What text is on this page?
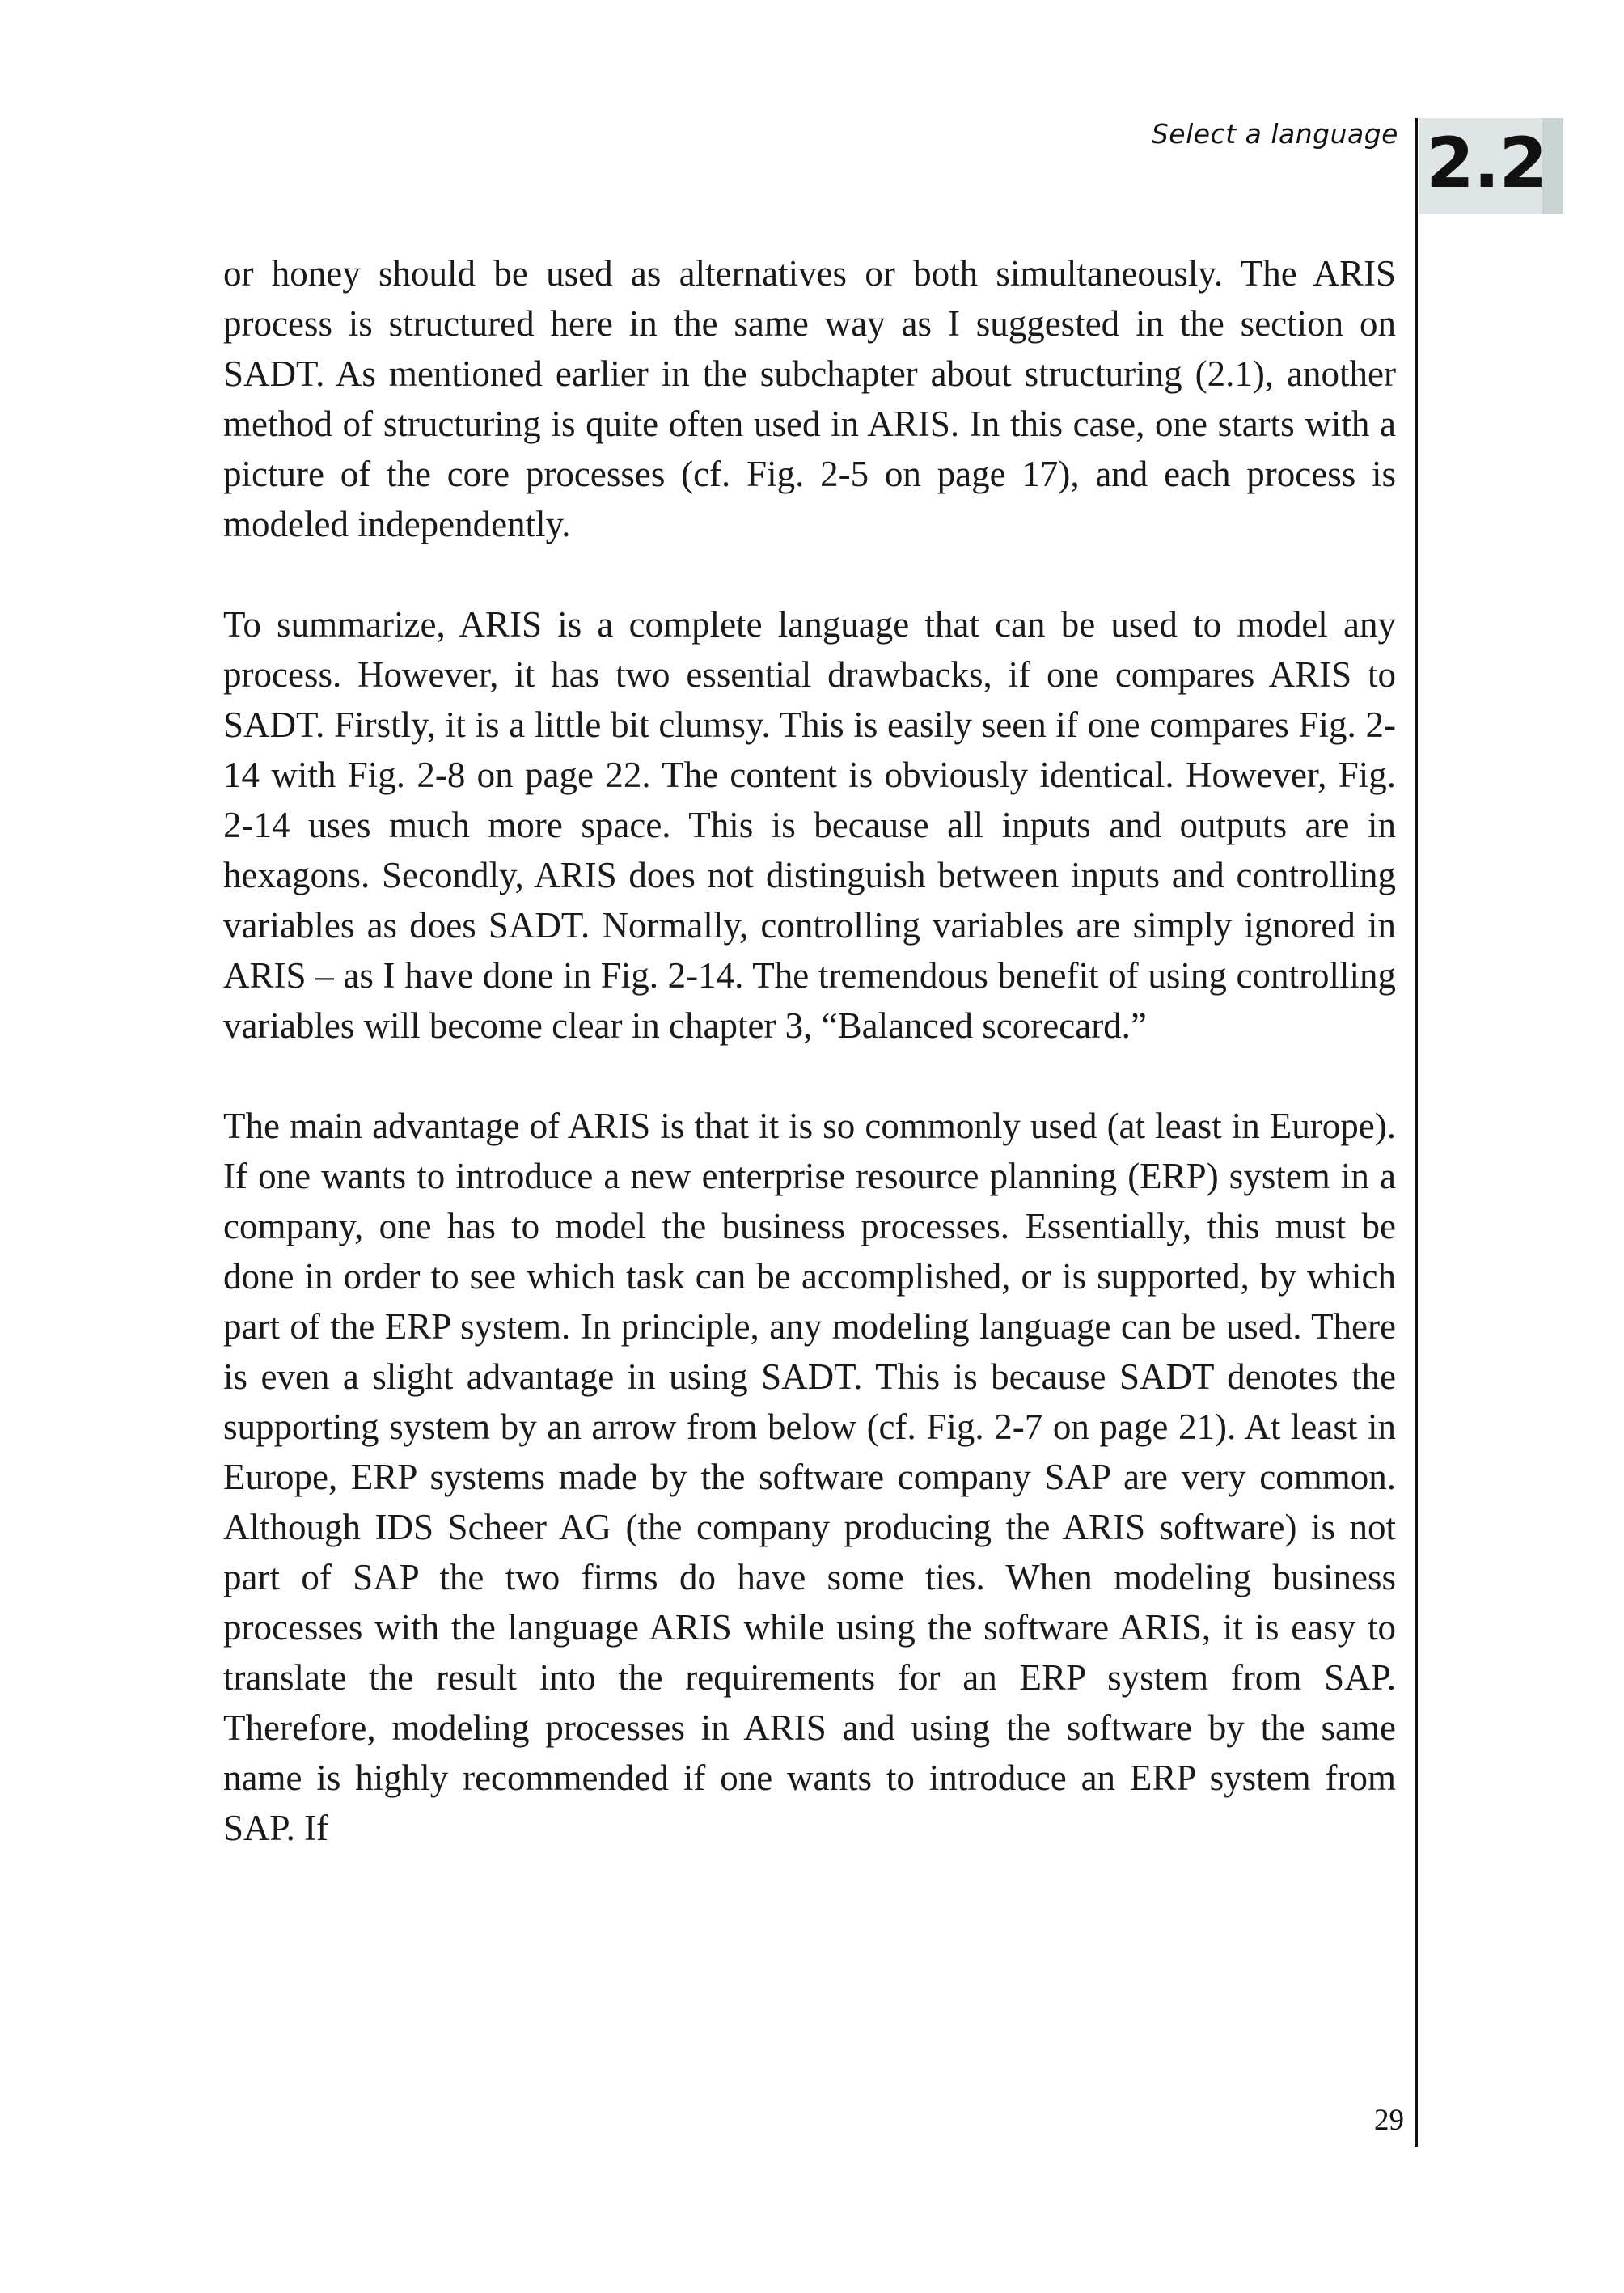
Select a language 2.2

or honey should be used as alternatives or both simultaneously. The ARIS process is structured here in the same way as I suggested in the section on SADT. As mentioned earlier in the subchapter about structuring (2.1), another method of structuring is quite often used in ARIS. In this case, one starts with a picture of the core processes (cf. Fig. 2-5 on page 17), and each process is modeled independently.

To summarize, ARIS is a complete language that can be used to model any process. However, it has two essential drawbacks, if one compares ARIS to SADT. Firstly, it is a little bit clumsy. This is easily seen if one compares Fig. 2-14 with Fig. 2-8 on page 22. The content is obviously identical. However, Fig. 2-14 uses much more space. This is because all inputs and outputs are in hexagons. Secondly, ARIS does not distinguish between inputs and controlling variables as does SADT. Normally, controlling variables are simply ignored in ARIS – as I have done in Fig. 2-14. The tremendous benefit of using controlling variables will become clear in chapter 3, “Balanced scorecard.”

The main advantage of ARIS is that it is so commonly used (at least in Europe). If one wants to introduce a new enterprise resource planning (ERP) system in a company, one has to model the business processes. Essentially, this must be done in order to see which task can be accomplished, or is supported, by which part of the ERP system. In principle, any modeling language can be used. There is even a slight advantage in using SADT. This is because SADT denotes the supporting system by an arrow from below (cf. Fig. 2-7 on page 21). At least in Europe, ERP systems made by the software company SAP are very common. Although IDS Scheer AG (the company producing the ARIS software) is not part of SAP the two firms do have some ties. When modeling business processes with the language ARIS while using the software ARIS, it is easy to translate the result into the requirements for an ERP system from SAP. Therefore, modeling processes in ARIS and using the software by the same name is highly recommended if one wants to introduce an ERP system from SAP. If

29
